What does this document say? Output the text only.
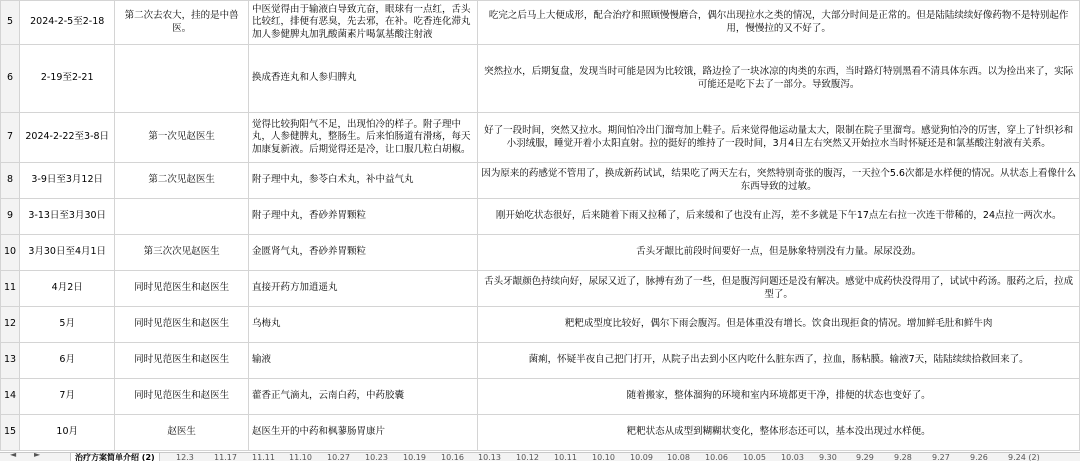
5	2024-2-5至2-18	第二次去农大，挂的是中兽医。	中医觉得由于输液白导致亢奋，眼球有一点红，舌头比较红，排便有恶臭，先去邪，在补。吃香连化滞丸加人参健脾丸加乳酸菌素片喝氯基酸注射液	吃完之后马上大便成形，配合治疗和照顾慢慢磨合，偶尔出现拉水之类的情况，大部分时间是正常的。但是陆陆续续好像药物不是特别起作用，慢慢拉的又不好了。
6	2-19至2-21		换成香连丸和人参归脾丸	突然拉水，后期复盘，发现当时可能是因为比较饿，路边捡了一块冰凉的肉类的东西，当时路灯特别黑看不清具体东西。以为捡出来了，实际可能还是吃下去了一部分。导致腹泻。
7	2024-2-22至3-8日	第一次见赵医生	觉得比较狗阳气不足，出现怕冷的样子。附子理中丸，人参健脾丸，整肠生。后来怕肠道有滑疡，每天加康复新液。后期觉得还是冷，让口服几粒白胡椒。	好了一段时间，突然又拉水。期间怕冷出门溜弯加上鞋子。后来觉得他运动量太大，限制在院子里溜弯。感觉狗怕冷的厉害，穿上了针织衫和小羽绒服，睡觉开着小太阳直射。拉的挺好的维持了一段时间，3月4日左右突然又开始拉水当时怀疑还是和氯基酸注射液有关系。
8	3-9日至3月12日	第二次见赵医生	附子理中丸，参苓白术丸，补中益气丸	因为原来的药感觉不管用了，换成新药试试，结果吃了两天左右，突然特别奇张的腹泻，一天拉个5.6次都是水样便的情况。从状态上看像什么东西导致的过敏。
9	3-13日至3月30日		附子理中丸，香砂养胃颗粒	刚开始吃状态很好，后来随着下雨又拉稀了，后来缓和了也没有止泻，差不多就是下午17点左右拉一次连干带稀的，24点拉一两次水。
10	3月30日至4月1日	第三次次见赵医生	金匮肾气丸，香砂养胃颗粒	舌头牙龈比前段时间要好一点，但是脉象特别没有力量。尿尿没劲。
11	4月2日	同时见范医生和赵医生	直接开药方加逍遥丸	舌头牙龈颜色持续向好，尿尿又近了，脉搏有劲了一些，但是腹泻问题还是没有解决。感觉中成药快没得用了，试试中药汤。服药之后，拉成型了。
12	5月	同时见范医生和赵医生	乌梅丸	粑粑成型度比较好，偶尔下雨会腹泻。但是体重没有增长。饮食出现拒食的情况。增加鲜毛肚和鲜牛肉
13	6月	同时见范医生和赵医生	输液	菌痢，怀疑半夜自己把门打开，从院子出去到小区内吃什么脏东西了，拉血，肠粘膜。输液7天，陆陆续续拾救回来了。
14	7月	同时见范医生和赵医生	藿香正气滴丸，云南白药，中药胶囊	随着搬家，整体溜狗的环境和室内环境都更干净，排便的状态也变好了。
15	10月	赵医生	赵医生开的中药和枫蓼肠胃康片	粑粑状态从成型到糊糊状变化，整体形态还可以，基本没出现过水样便。
◄ ►	治疗方案简单介绍 (2)	12.3	11.17 11.11 11.10 10.27 10.23 10.19 10.16 10.13 10.12 10.11 10.10 10.09 10.08 10.06 10.05 10.03 9.30 9.29	9.28	9.27	9.26	9.24 (2)
